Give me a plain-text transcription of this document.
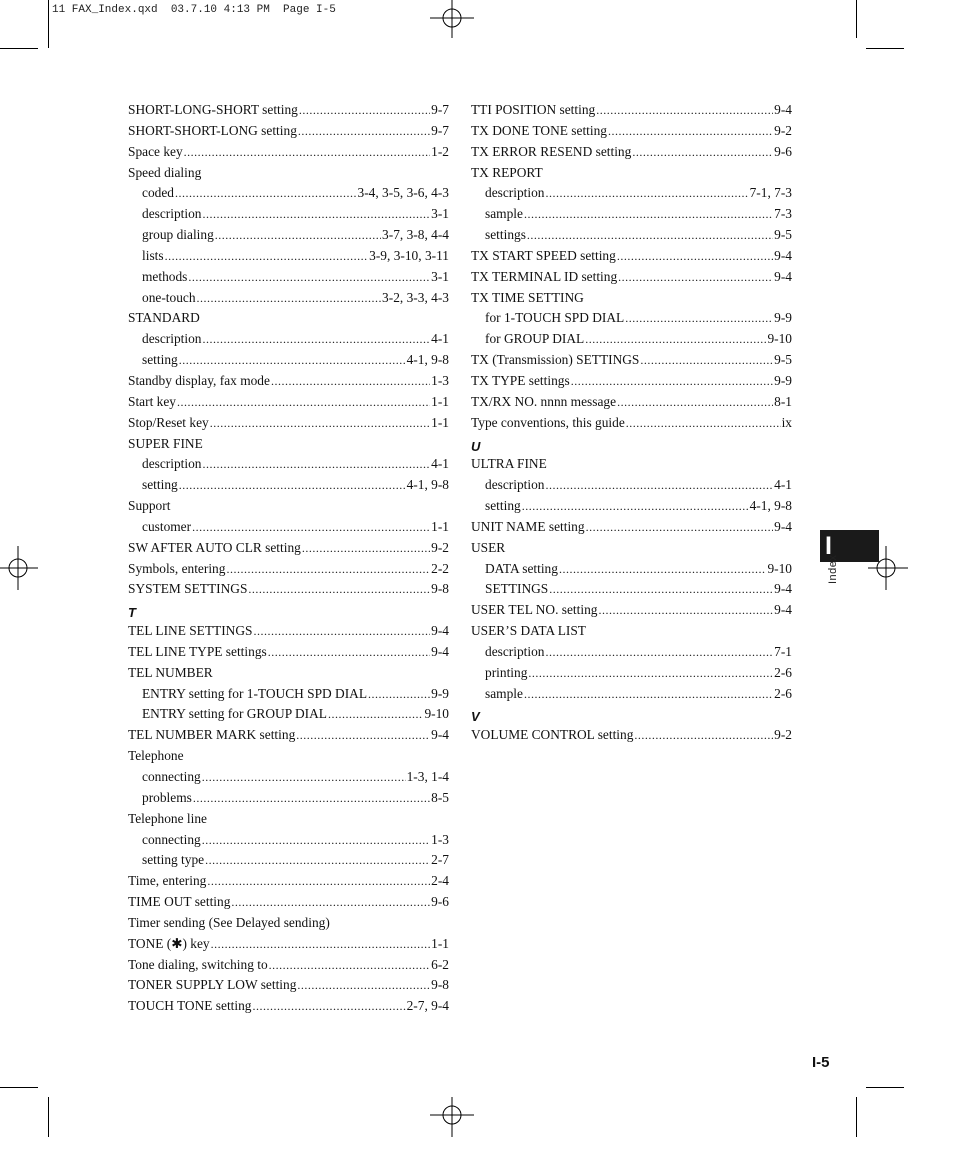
11 FAX_Index.qxd  03.7.10 4:13 PM  Page I-5
SHORT-LONG-SHORT setting .....	9-7
SHORT-SHORT-LONG setting .....	9-7
Space key .....	1-2
Speed dialing
coded .....	3-4, 3-5, 3-6, 4-3
description .....	3-1
group dialing .....	3-7, 3-8, 4-4
lists .....	3-9, 3-10, 3-11
methods .....	3-1
one-touch .....	3-2, 3-3, 4-3
STANDARD
description .....	4-1
setting .....	4-1, 9-8
Standby display, fax mode .....	1-3
Start key .....	1-1
Stop/Reset key .....	1-1
SUPER FINE
description .....	4-1
setting .....	4-1, 9-8
Support
customer .....	1-1
SW AFTER AUTO CLR setting .....	9-2
Symbols, entering .....	2-2
SYSTEM SETTINGS .....	9-8
T
TEL LINE SETTINGS .....	9-4
TEL LINE TYPE settings .....	9-4
TEL NUMBER
ENTRY setting for 1-TOUCH SPD DIAL .....	9-9
ENTRY setting for GROUP DIAL .....	9-10
TEL NUMBER MARK setting .....	9-4
Telephone
connecting .....	1-3, 1-4
problems .....	8-5
Telephone line
connecting .....	1-3
setting type .....	2-7
Time, entering .....	2-4
TIME OUT setting .....	9-6
Timer sending (See Delayed sending)
TONE (✱) key .....	1-1
Tone dialing, switching to .....	6-2
TONER SUPPLY LOW setting .....	9-8
TOUCH TONE setting .....	2-7, 9-4
TTI POSITION setting .....	9-4
TX DONE TONE setting .....	9-2
TX ERROR RESEND setting .....	9-6
TX REPORT
description .....	7-1, 7-3
sample .....	7-3
settings .....	9-5
TX START SPEED setting .....	9-4
TX TERMINAL ID setting .....	9-4
TX TIME SETTING
for 1-TOUCH SPD DIAL .....	9-9
for GROUP DIAL .....	9-10
TX (Transmission) SETTINGS .....	9-5
TX TYPE settings .....	9-9
TX/RX NO. nnnn message .....	8-1
Type conventions, this guide .....	ix
U
ULTRA FINE
description .....	4-1
setting .....	4-1, 9-8
UNIT NAME setting .....	9-4
USER
DATA setting .....	9-10
SETTINGS .....	9-4
USER TEL NO. setting .....	9-4
USER’S DATA LIST
description .....	7-1
printing .....	2-6
sample .....	2-6
V
VOLUME CONTROL setting .....	9-2
I
Index
I-5
